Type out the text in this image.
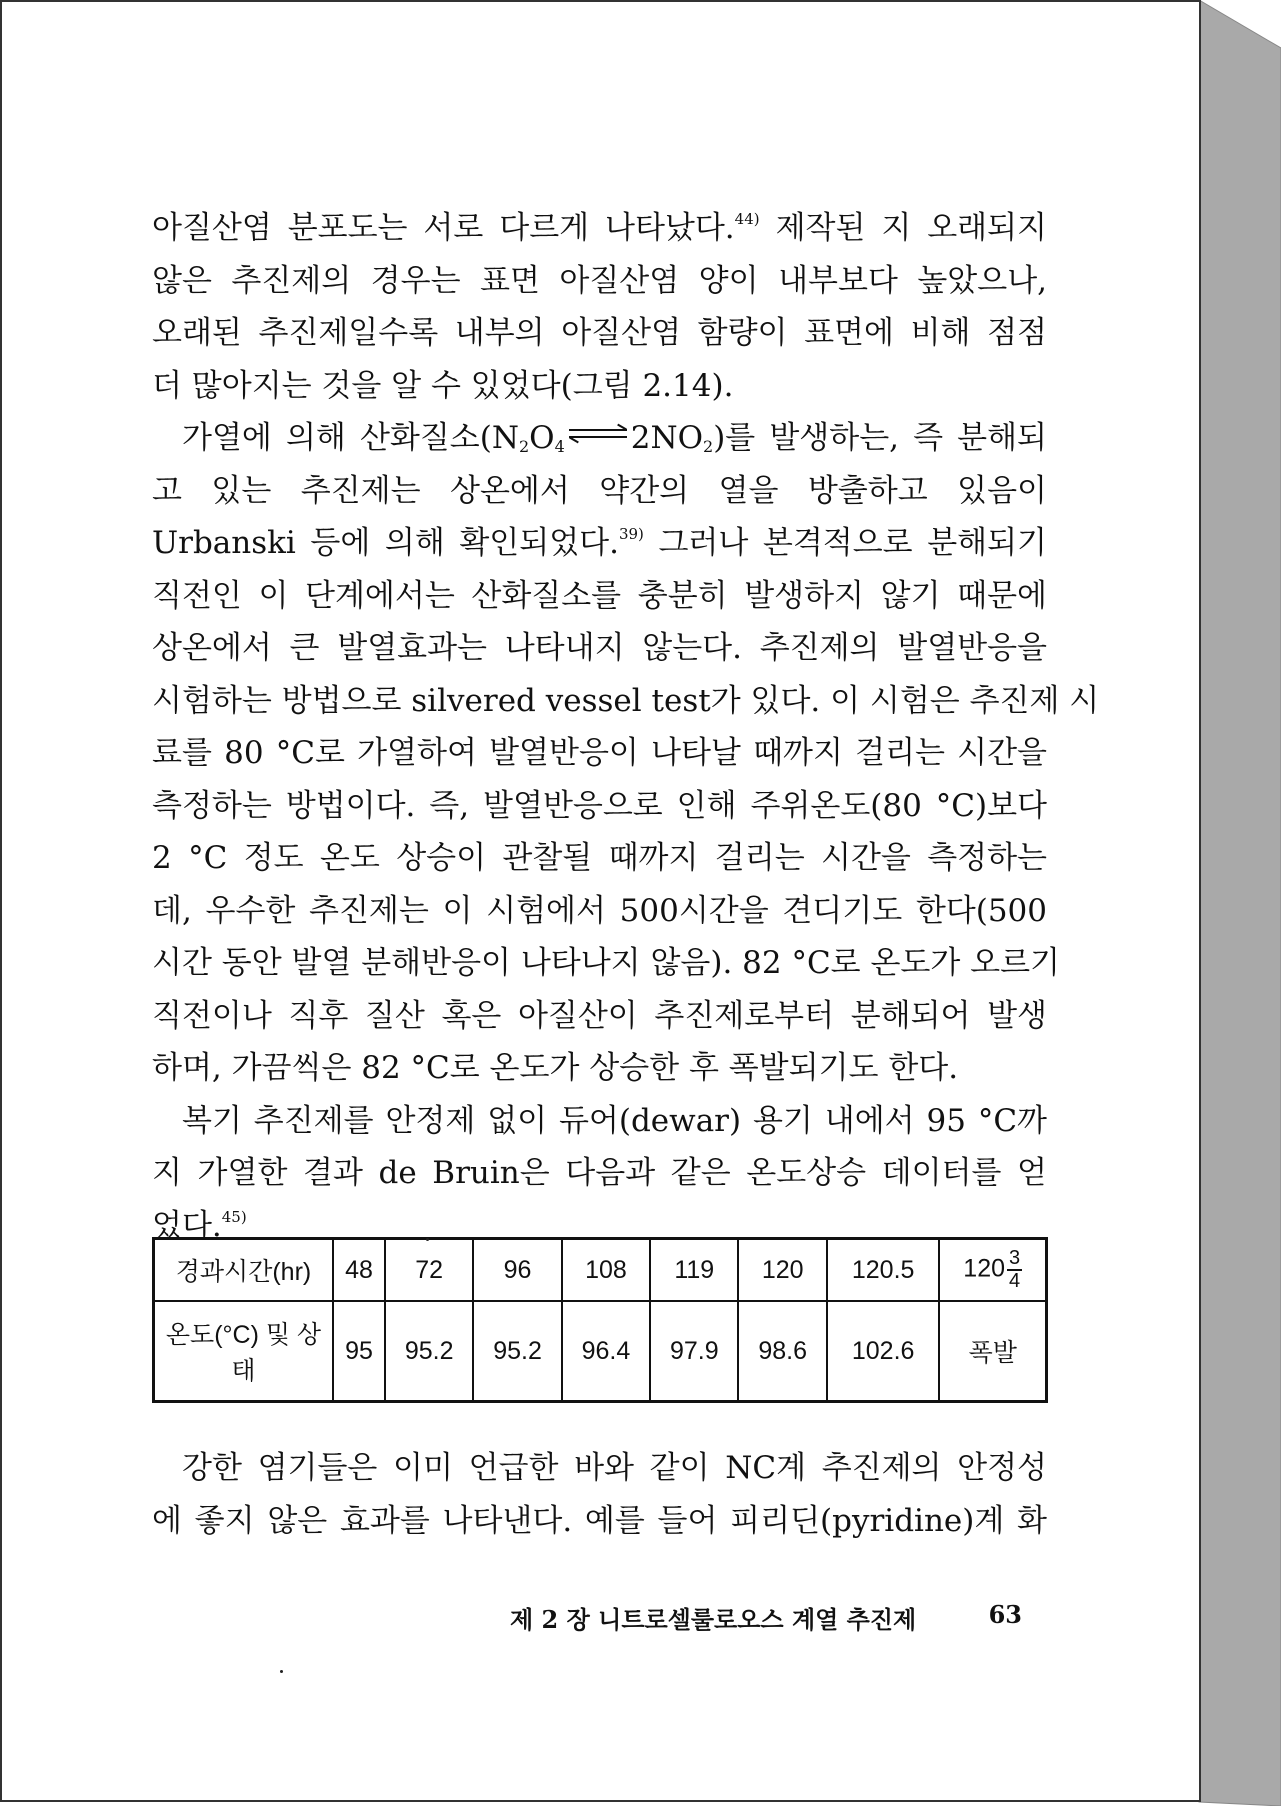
아질산염 분포도는 서로 다르게 나타났다.$^{44)}$ 제작된 지 오래되지
않은 추진제의 경우는 표면 아질산염 양이 내부보다 높았으나,
오래된 추진제일수록 내부의 아질산염 함량이 표면에 비해 점점
더 많아지는 것을 알 수 있었다(그림 2.14).
가열에 의해 산화질소($N_2O_4$ $2NO_2$)를 발생하는, 즉 분해되
고 있는 추진제는 상온에서 약간의 열을 방출하고 있음이
Urbanski 등에 의해 확인되었다.$^{39)}$ 그러나 본격적으로 분해되기
직전인 이 단계에서는 산화질소를 충분히 발생하지 않기 때문에
상온에서 큰 발열효과는 나타내지 않는다. 추진제의 발열반응을
시험하는 방법으로 silvered vessel test가 있다. 이 시험은 추진제 시
료를 80 °C로 가열하여 발열반응이 나타날 때까지 걸리는 시간을
측정하는 방법이다. 즉, 발열반응으로 인해 주위온도(80 °C)보다
2 °C 정도 온도 상승이 관찰될 때까지 걸리는 시간을 측정하는
데, 우수한 추진제는 이 시험에서 500시간을 견디기도 한다(500
시간 동안 발열 분해반응이 나타나지 않음). 82 °C로 온도가 오르기
직전이나 직후 질산 혹은 아질산이 추진제로부터 분해되어 발생
하며, 가끔씩은 82 °C로 온도가 상승한 후 폭발되기도 한다.
복기 추진제를 안정제 없이 듀어(dewar) 용기 내에서 95 °C까
지 가열한 결과 de Bruin은 다음과 같은 온도상승 데이터를 얻
었다.$^{45)}$
경과시간(hr)	48	72	96	108	119	120	120.5	$120 \frac{3}{4}$

온도(°C) 및 상태	95	95.2	95.2	96.4	97.9	98.6	102.6	폭발
강한 염기들은 이미 언급한 바와 같이 NC계 추진제의 안정성
에 좋지 않은 효과를 나타낸다. 예를 들어 피리딘(pyridine)계 화
제 2 장 니트로셀룰로오스 계열 추진제	63
